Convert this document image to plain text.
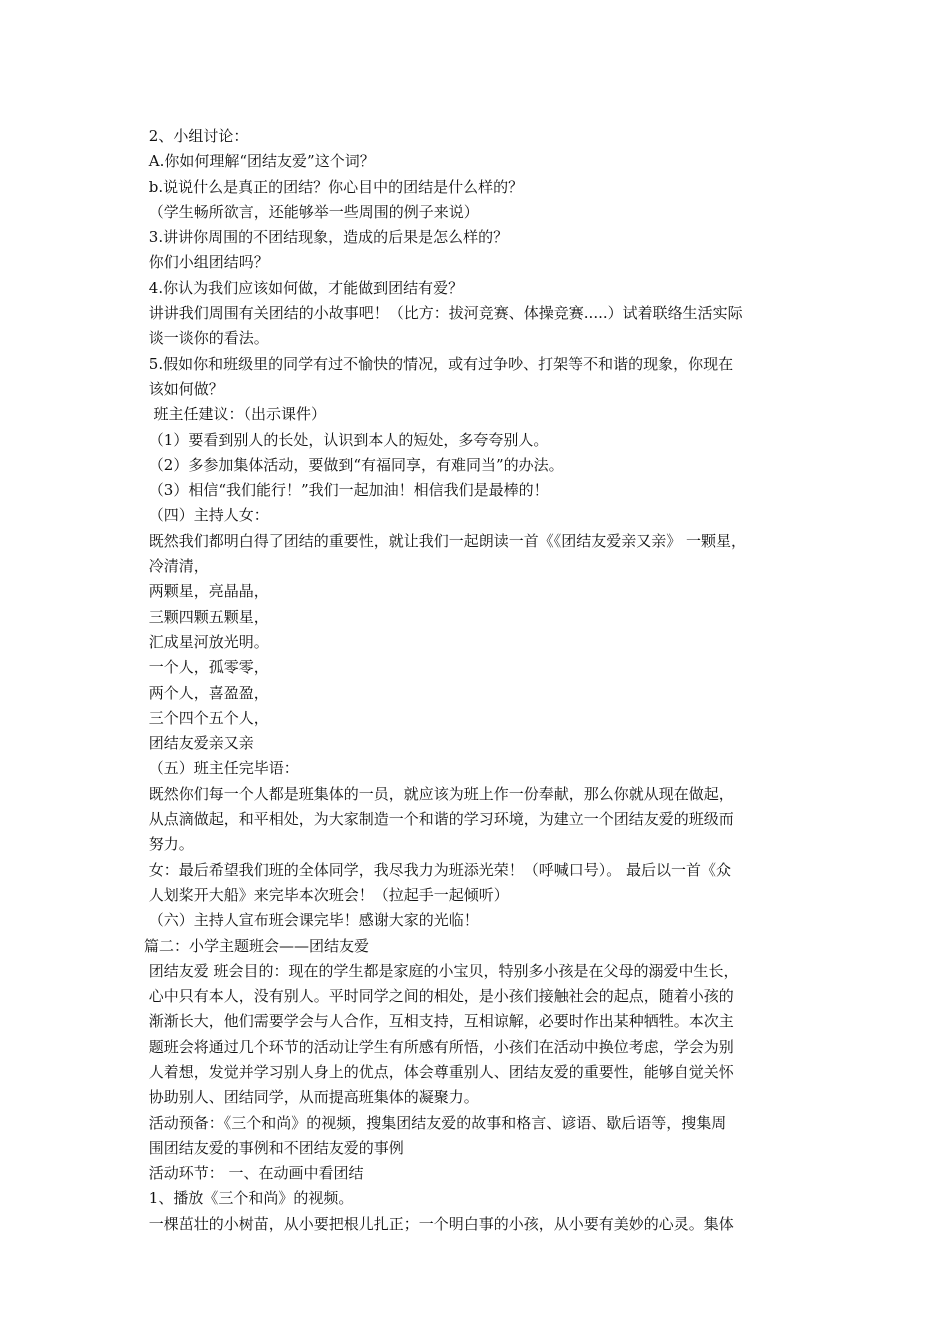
2、小组讨论：

A.你如何理解“团结友爱”这个词？

b.说说什么是真正的团结？你心目中的团结是什么样的？

（学生畅所欲言，还能够举一些周围的例子来说）

3.讲讲你周围的不团结现象，造成的后果是怎么样的？

你们小组团结吗？

4.你认为我们应该如何做，才能做到团结有爱？

讲讲我们周围有关团结的小故事吧！（比方：拔河竞赛、体操竞赛.....）试着联络生活实际

谈一谈你的看法。

5.假如你和班级里的同学有过不愉快的情况，或有过争吵、打架等不和谐的现象，你现在

该如何做？

班主任建议：（出示课件）

（1）要看到别人的长处，认识到本人的短处，多夸夸别人。

（2）多参加集体活动，要做到“有福同享，有难同当”的办法。

（3）相信“我们能行！”我们一起加油！相信我们是最棒的！

（四）主持人女：

既然我们都明白得了团结的重要性，就让我们一起朗读一首《《团结友爱亲又亲》 一颗星，

冷清清，

两颗星，亮晶晶，

三颗四颗五颗星，

汇成星河放光明。

一个人，孤零零，

两个人，喜盈盈，

三个四个五个人，

团结友爱亲又亲

（五）班主任完毕语：

既然你们每一个人都是班集体的一员，就应该为班上作一份奉献，那么你就从现在做起，

从点滴做起，和平相处，为大家制造一个和谐的学习环境，为建立一个团结友爱的班级而

努力。

女：最后希望我们班的全体同学，我尽我力为班添光荣！（呼喊口号）。 最后以一首《众

人划桨开大船》来完毕本次班会！（拉起手一起倾听）

（六）主持人宣布班会课完毕！感谢大家的光临！

篇二：小学主题班会——团结友爱

团结友爱 班会目的：现在的学生都是家庭的小宝贝，特别多小孩是在父母的溺爱中生长，

心中只有本人，没有别人。平时同学之间的相处，是小孩们接触社会的起点，随着小孩的

渐渐长大，他们需要学会与人合作，互相支持，互相谅解，必要时作出某种牺牲。本次主

题班会将通过几个环节的活动让学生有所感有所悟，小孩们在活动中换位考虑，学会为别

人着想，发觉并学习别人身上的优点，体会尊重别人、团结友爱的重要性，能够自觉关怀

协助别人、团结同学，从而提高班集体的凝聚力。

活动预备：《三个和尚》的视频，搜集团结友爱的故事和格言、谚语、歇后语等，搜集周

围团结友爱的事例和不团结友爱的事例

活动环节： 一、在动画中看团结

1、播放《三个和尚》的视频。

一棵茁壮的小树苗，从小要把根儿扎正；一个明白事的小孩，从小要有美妙的心灵。集体
